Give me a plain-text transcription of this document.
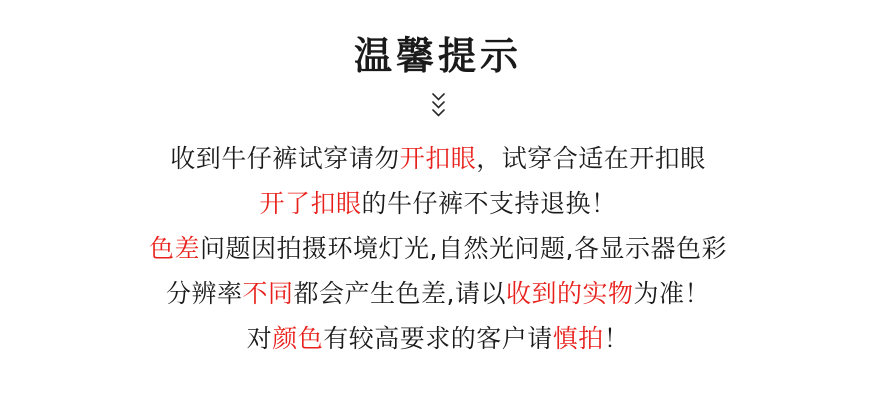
温馨提示
收到牛仔裤试穿请勿开扣眼，试穿合适在开扣眼
开了扣眼的牛仔裤不支持退换！
色差问题因拍摄环境灯光,自然光问题,各显示器色彩
分辨率不同都会产生色差,请以收到的实物为准！
对颜色有较高要求的客户请慎拍！
